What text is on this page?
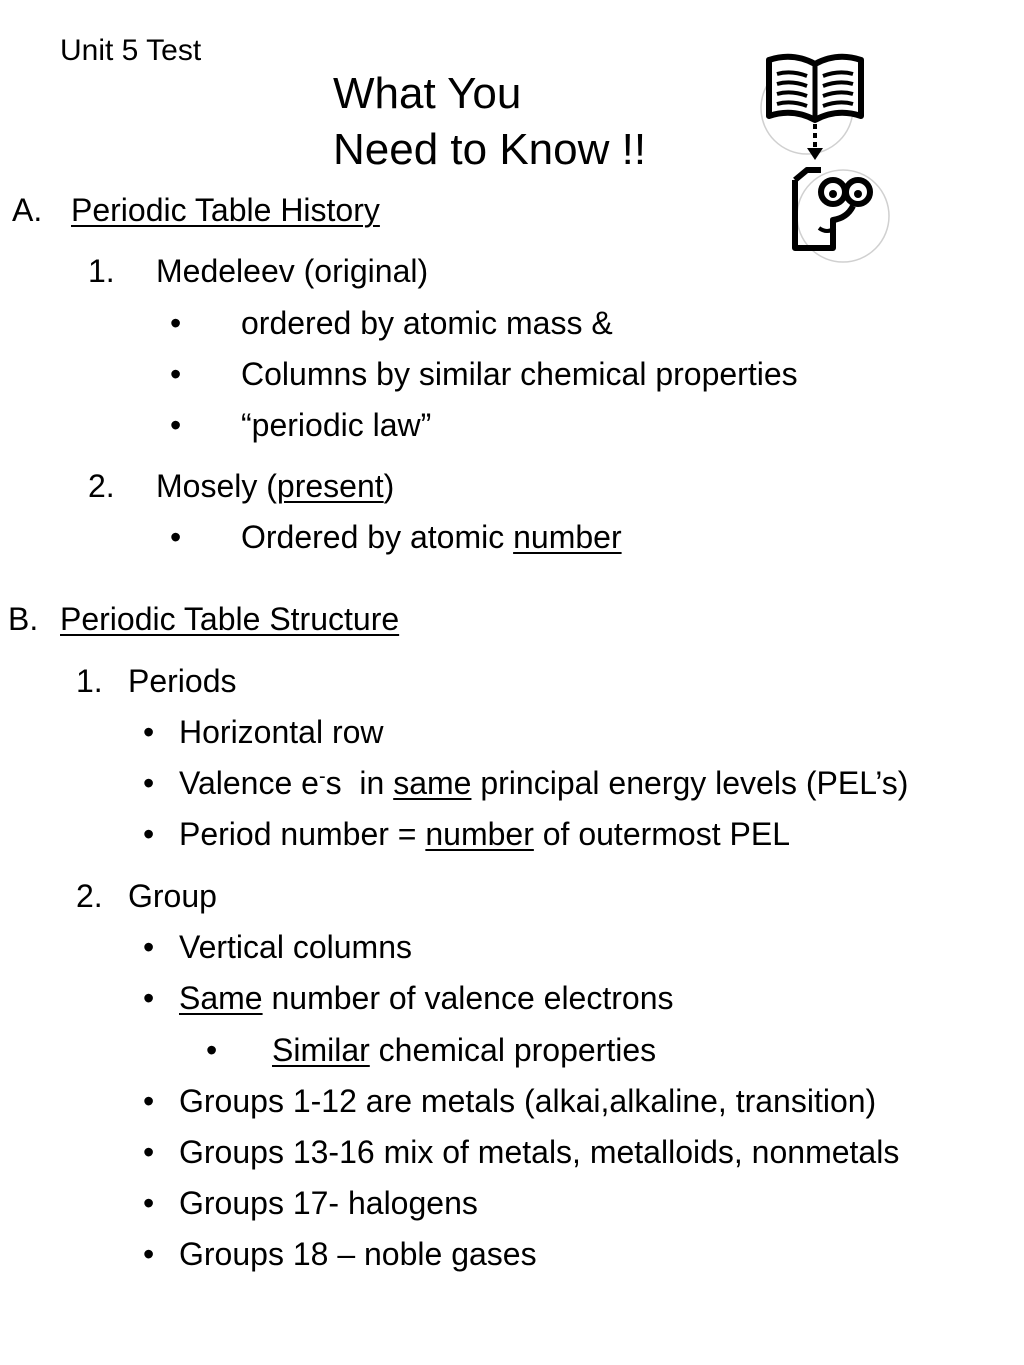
Unit 5 Test
What You
Need to Know !!
A. Periodic Table History
1. Medeleev (original)
• ordered by atomic mass &
• Columns by similar chemical properties
• “periodic law”
2. Mosely (present)
• Ordered by atomic number
B. Periodic Table Structure
1. Periods
• Horizontal row
• Valence e-s  in same principal energy levels (PEL’s)
• Period number = number of outermost PEL
2. Group
• Vertical columns
• Same number of valence electrons
• Similar chemical properties
• Groups 1-12 are metals (alkai,alkaline, transition)
• Groups 13-16 mix of metals, metalloids, nonmetals
• Groups 17- halogens
• Groups 18 – noble gases
